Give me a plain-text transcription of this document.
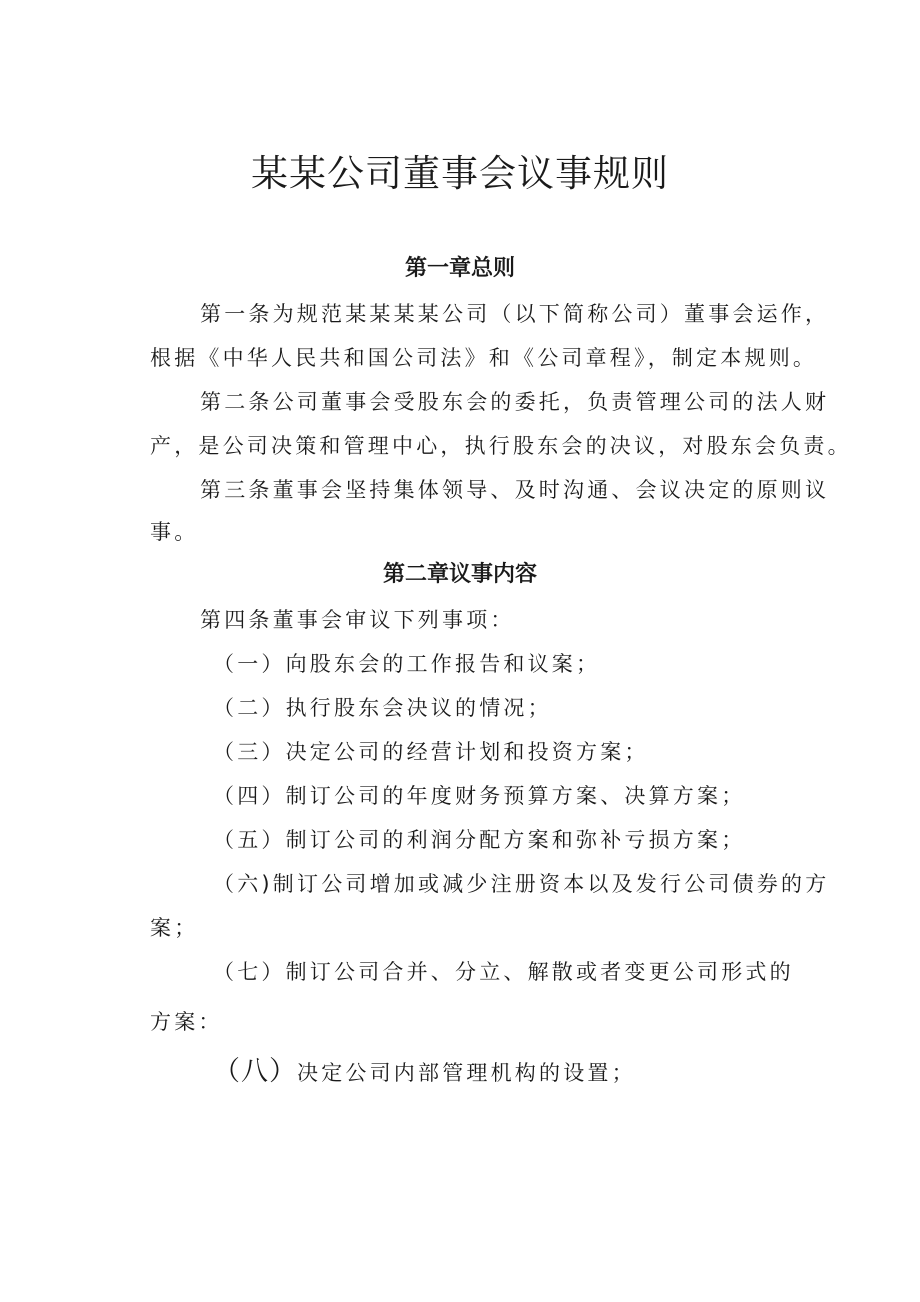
某某公司董事会议事规则
第一章总则
第一条为规范某某某某公司（以下简称公司）董事会运作，
根据《中华人民共和国公司法》和《公司章程》，制定本规则。
第二条公司董事会受股东会的委托，负责管理公司的法人财
产，是公司决策和管理中心，执行股东会的决议，对股东会负责。
第三条董事会坚持集体领导、及时沟通、会议决定的原则议
事。
第二章议事内容
第四条董事会审议下列事项：
（一）向股东会的工作报告和议案；
（二）执行股东会决议的情况；
（三）决定公司的经营计划和投资方案；
（四）制订公司的年度财务预算方案、决算方案；
（五）制订公司的利润分配方案和弥补亏损方案；
（六)制订公司增加或减少注册资本以及发行公司债券的方
案；
（七）制订公司合并、分立、解散或者变更公司形式的
方案：
（八）决定公司内部管理机构的设置；
